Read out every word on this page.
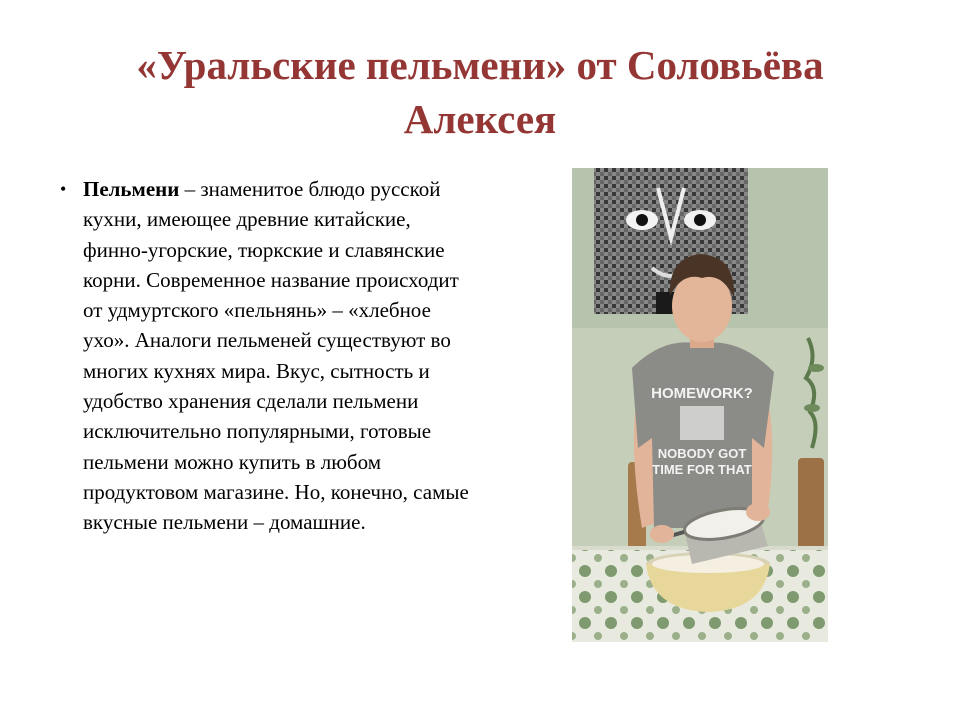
«Уральские пельмени» от Соловьёва Алексея
• Пельмени – знаменитое блюдо русской кухни, имеющее древние китайские, финно-угорские, тюркские и славянские корни. Современное название происходит от удмуртского «пельнянь» – «хлебное ухо». Аналоги пельменей существуют во многих кухнях мира. Вкус, сытность и удобство хранения сделали пельмени исключительно популярными, готовые пельмени можно купить в любом продуктовом магазине. Но, конечно, самые вкусные пельмени – домашние.
HOMEWORK?
NOBODY GOT
TIME FOR THAT
